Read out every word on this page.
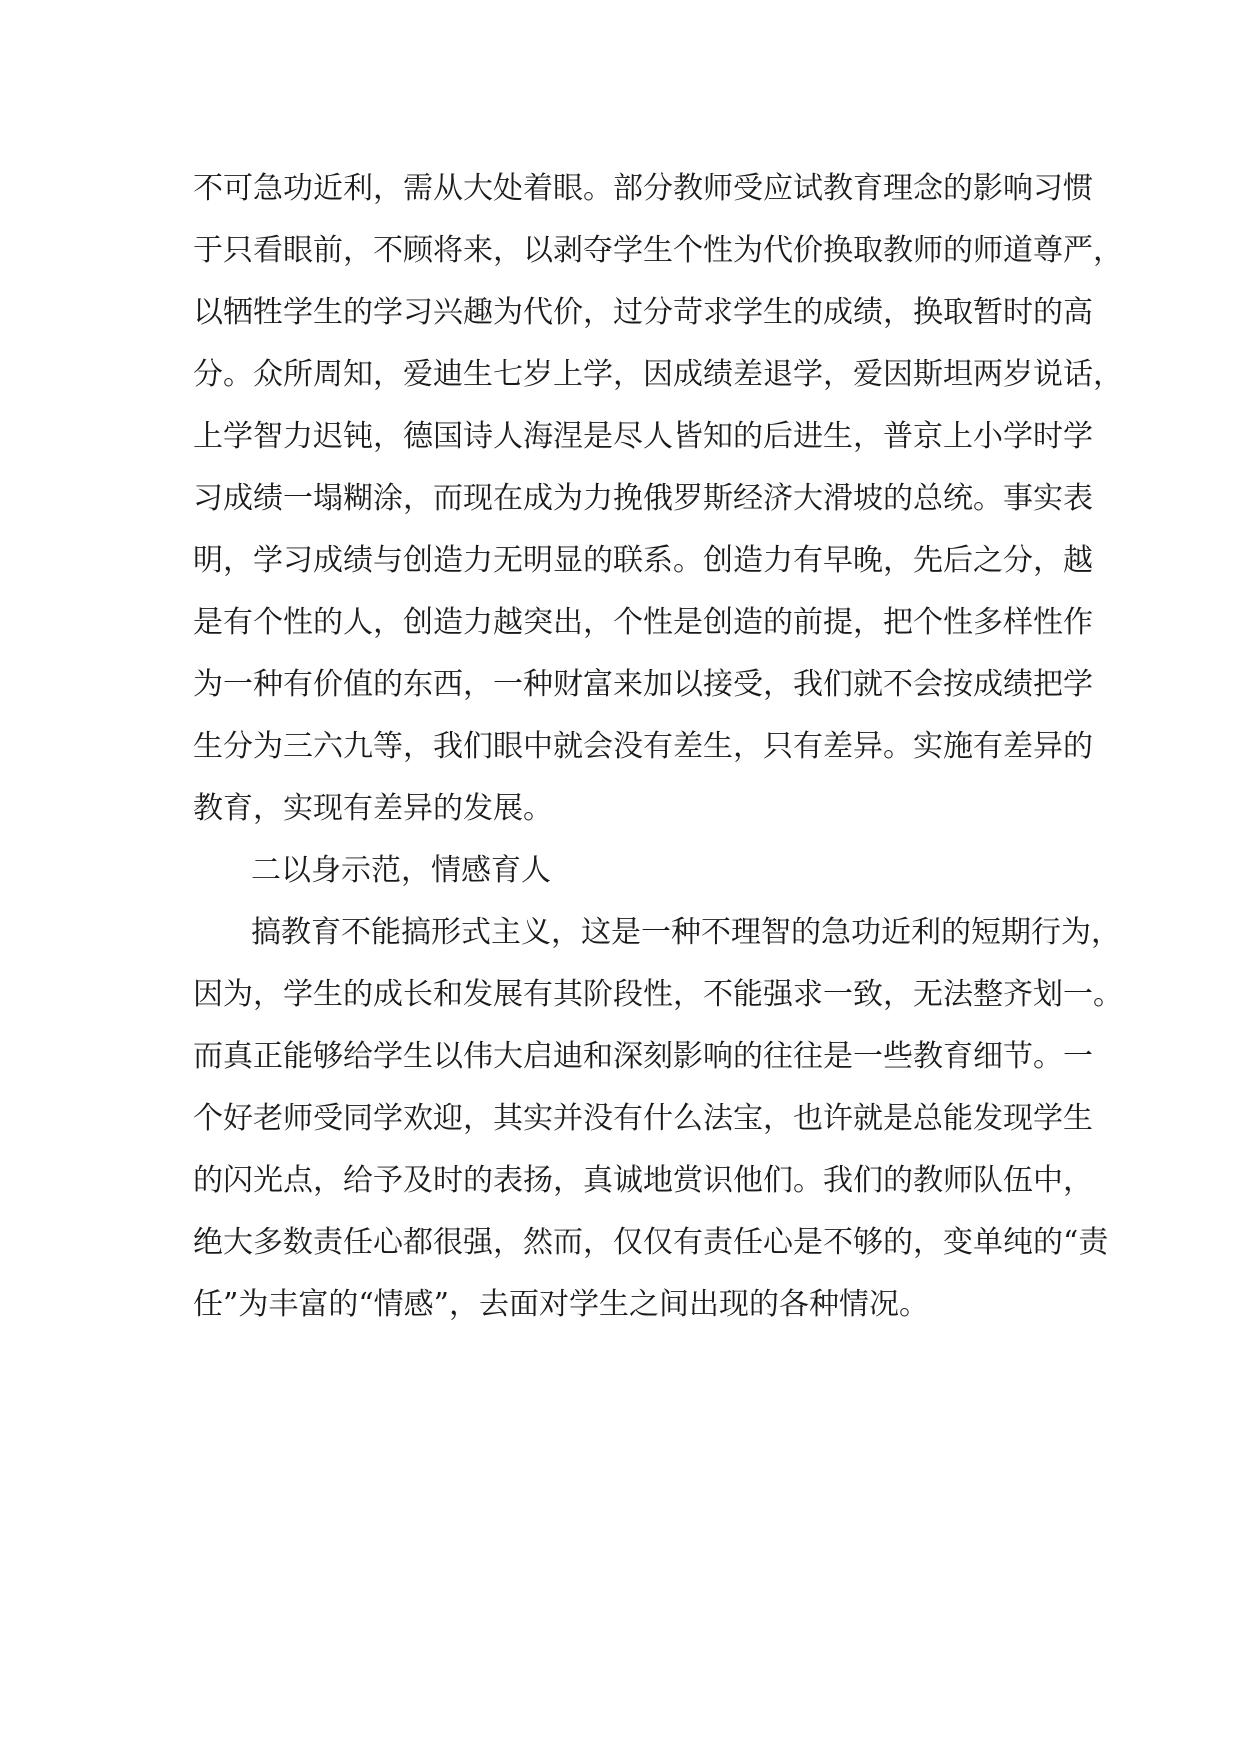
不可急功近利，需从大处着眼。部分教师受应试教育理念的影响习惯
于只看眼前，不顾将来，以剥夺学生个性为代价换取教师的师道尊严，
以牺牲学生的学习兴趣为代价，过分苛求学生的成绩，换取暂时的高
分。众所周知，爱迪生七岁上学，因成绩差退学，爱因斯坦两岁说话，
上学智力迟钝，德国诗人海涅是尽人皆知的后进生，普京上小学时学
习成绩一塌糊涂，而现在成为力挽俄罗斯经济大滑坡的总统。事实表
明，学习成绩与创造力无明显的联系。创造力有早晚，先后之分，越
是有个性的人，创造力越突出，个性是创造的前提，把个性多样性作
为一种有价值的东西，一种财富来加以接受，我们就不会按成绩把学
生分为三六九等，我们眼中就会没有差生，只有差异。实施有差异的
教育，实现有差异的发展。
二以身示范，情感育人
搞教育不能搞形式主义，这是一种不理智的急功近利的短期行为，
因为，学生的成长和发展有其阶段性，不能强求一致，无法整齐划一。
而真正能够给学生以伟大启迪和深刻影响的往往是一些教育细节。一
个好老师受同学欢迎，其实并没有什么法宝，也许就是总能发现学生
的闪光点，给予及时的表扬，真诚地赏识他们。我们的教师队伍中，
绝大多数责任心都很强，然而，仅仅有责任心是不够的，变单纯的“责
任”为丰富的“情感”，去面对学生之间出现的各种情况。
